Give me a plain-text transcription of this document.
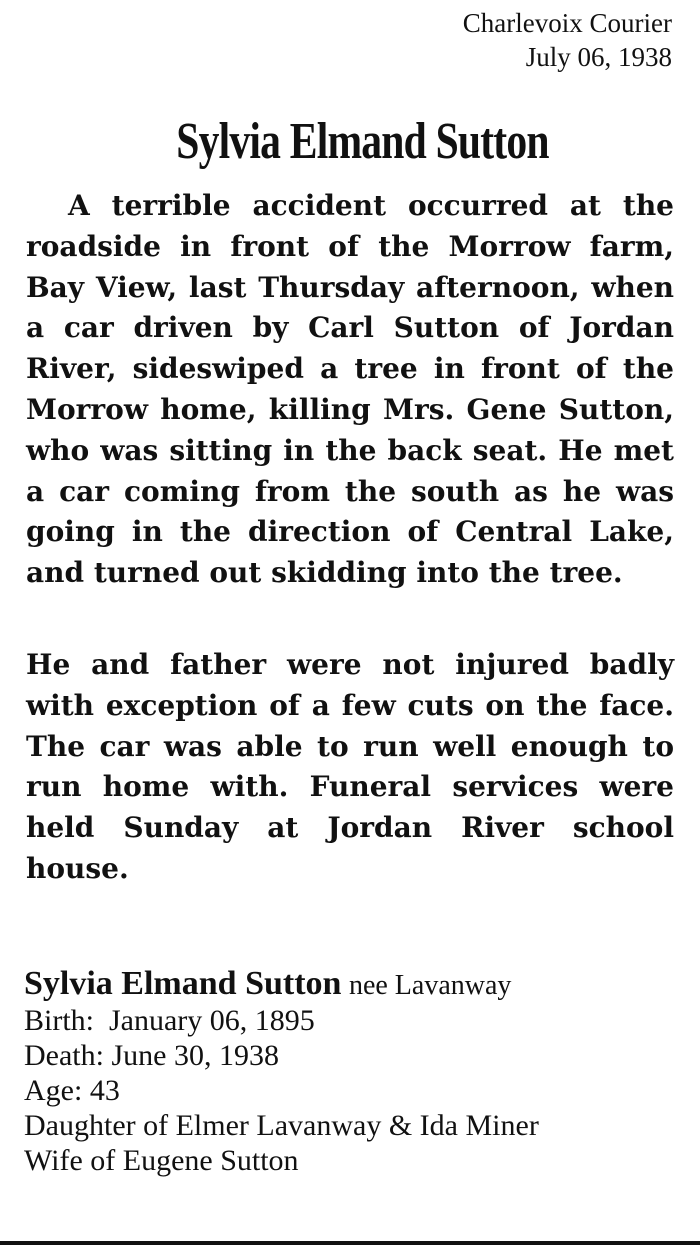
Charlevoix Courier
July 06, 1938
Sylvia Elmand Sutton
A terrible accident occurred at the roadside in front of the Morrow farm, Bay View, last Thursday afternoon, when a car driven by Carl Sutton of Jordan River, sideswiped a tree in front of the Morrow home, killing Mrs. Gene Sutton, who was sitting in the back seat. He met a car coming from the south as he was going in the direction of Central Lake, and turned out skidding into the tree.
He and father were not injured badly with exception of a few cuts on the face. The car was able to run well enough to run home with. Funeral services were held Sunday at Jordan River school house.
Sylvia Elmand Sutton nee Lavanway
Birth:  January 06, 1895
Death: June 30, 1938
Age: 43
Daughter of Elmer Lavanway & Ida Miner
Wife of Eugene Sutton
